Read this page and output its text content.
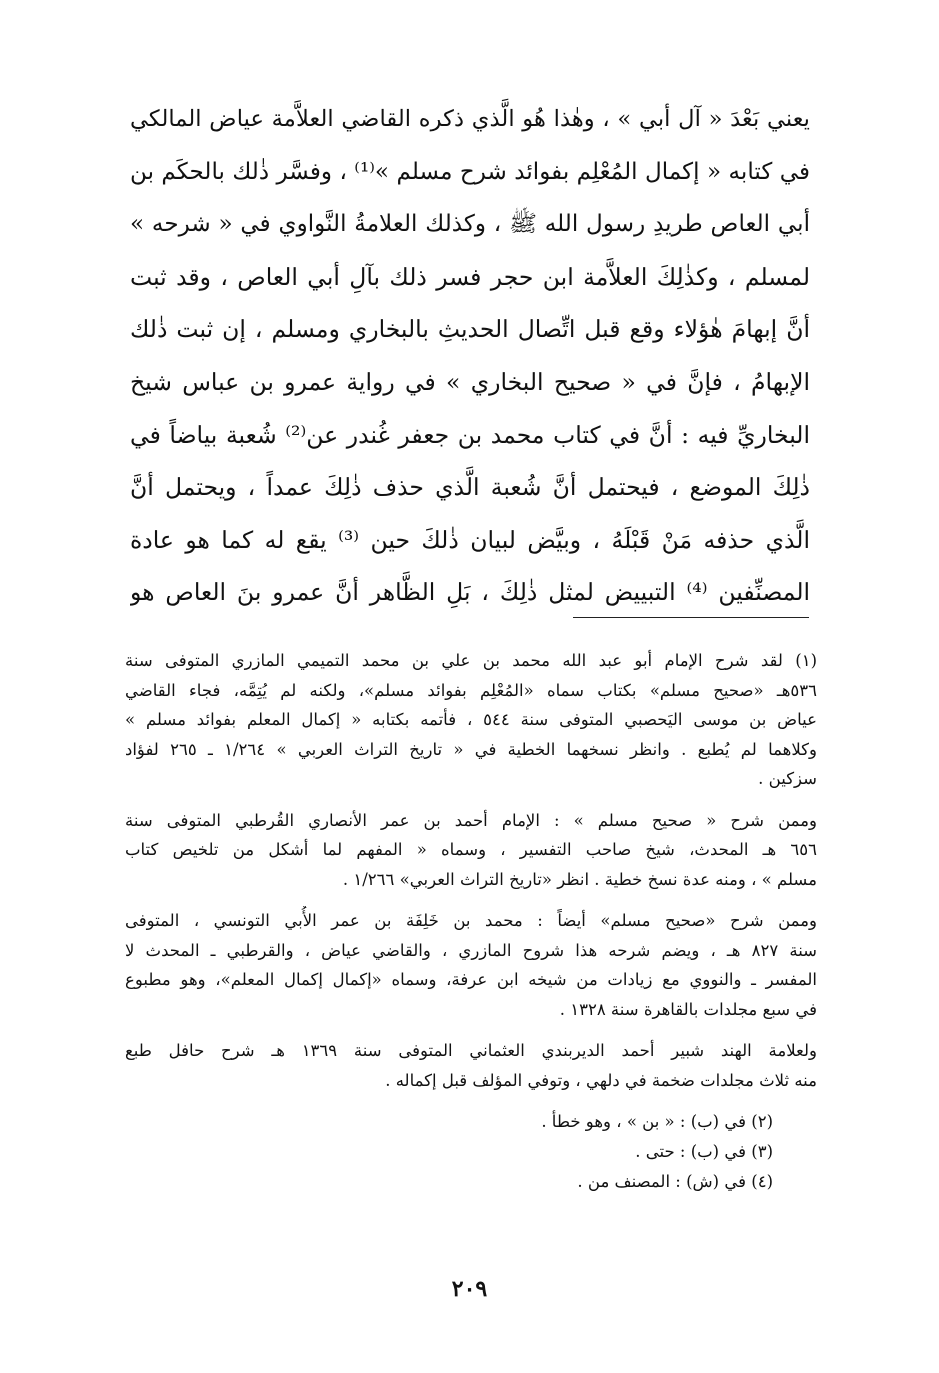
يعني بَعْدَ « آل أبي » ، وهٰذا هُو الَّذي ذكره القاضي العلاَّمة عياض المالكي
في كتابه « إكمال المُعْلِم بفوائد شرح مسلم »⁽¹⁾ ، وفسَّر ذٰلك بالحكَم بن
أبي العاص طريدِ رسول الله ﷺ ، وكذلك العلامةُ النَّواوي في « شرحه »
لمسلم ، وكذٰلِكَ العلاَّمة ابن حجر فسر ذلك بآلِ أبي العاص ، وقد ثبت
أنَّ إبهامَ هٰؤلاء وقع قبل اتِّصال الحديثِ بالبخاري ومسلم ، إن ثبت ذٰلك
الإبهامُ ، فإنَّ في « صحيح البخاري » في رواية عمرو بن عباس شيخ
البخاريِّ فيه : أنَّ في كتاب محمد بن جعفر غُندر عن⁽²⁾ شُعبة بياضاً في
ذٰلِكَ الموضع ، فيحتمل أنَّ شُعبة الَّذي حذف ذٰلِكَ عمداً ، ويحتمل أنَّ
الَّذي حذفه مَنْ قَبْلَهُ ، وبيَّض لبيان ذٰلكَ حين ⁽³⁾ يقع له كما هو عادة
المصنِّفين ⁽⁴⁾ التبييض لمثل ذٰلِكَ ، بَلِ الظَّاهر أنَّ عمرو بنَ العاص هو
(١) لقد شرح الإمام أبو عبد الله محمد بن علي بن محمد التميمي المازري المتوفى سنة
٥٣٦هـ «صحيح مسلم» بكتاب سماه «المُعْلِم بفوائد مسلم»، ولكنه لم يُتِمَّه، فجاء القاضي
عياض بن موسى اليَحصبي المتوفى سنة ٥٤٤ ، فأتمه بكتابه « إكمال المعلم بفوائد مسلم »
وكلاهما لم يُطبع . وانظر نسخهما الخطية في « تاريخ التراث العربي » ١/٢٦٤ ـ ٢٦٥ لفؤاد
سزكين .
وممن شرح « صحيح مسلم » : الإمام أحمد بن عمر الأنصاري القُرطبي المتوفى سنة
٦٥٦ هـ المحدث، شيخ صاحب التفسير ، وسماه « المفهم لما أشكل من تلخيص كتاب
مسلم » ، ومنه عدة نسخ خطية . انظر «تاريخ التراث العربي» ١/٢٦٦ .
وممن شرح «صحيح مسلم» أيضاً : محمد بن خَلِفَة بن عمر الأُبي التونسي ، المتوفى
سنة ٨٢٧ هـ ، ويضم شرحه هذا شروح المازري ، والقاضي عياض ، والقرطبي ـ المحدث لا
المفسر ـ والنووي مع زيادات من شيخه ابن عرفة، وسماه «إكمال إكمال المعلم»، وهو مطبوع
في سبع مجلدات بالقاهرة سنة ١٣٢٨ .
ولعلامة الهند شبير أحمد الديربندي العثماني المتوفى سنة ١٣٦٩ هـ شرح حافل طبع
منه ثلاث مجلدات ضخمة في دلهي ، وتوفي المؤلف قبل إكماله .
(٢) في (ب) : « بن » ، وهو خطأ .
(٣) في (ب) : حتى .
(٤) في (ش) : المصنف من .
٢٠٩
